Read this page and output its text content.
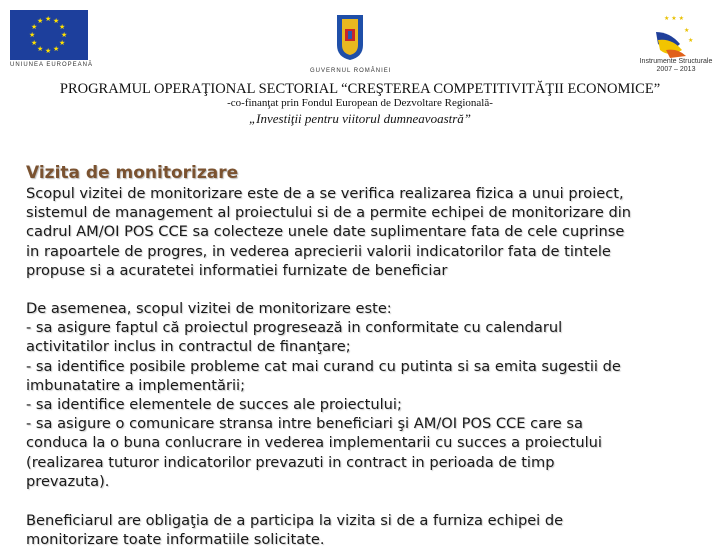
★ ★
★
★
★
★
★
★
★
★
★
★
UNIUNEA EUROPEANĂ
GUVERNUL ROMÂNIEI
★ ★ ★
★
★
Instrumente Structurale
2007 – 2013
PROGRAMUL OPERAŢIONAL SECTORIAL “CREŞTEREA COMPETITIVITĂŢII ECONOMICE”
-co-finanţat prin Fondul European de Dezvoltare Regională-
„Investiţii pentru viitorul dumneavoastră”
Vizita de monitorizare
Scopul vizitei de monitorizare este de a se verifica realizarea fizica a unui proiect,
sistemul de management al proiectului si de a permite echipei de monitorizare din
cadrul AM/OI POS CCE sa colecteze unele date suplimentare fata de cele cuprinse
in rapoartele de progres, in vederea aprecierii valorii indicatorilor fata de tintele
propuse si a acuratetei informatiei furnizate de beneficiar
De asemenea, scopul vizitei de monitorizare este:
- sa asigure faptul că proiectul progresează in conformitate cu calendarul
activitatilor inclus in contractul de finanţare;
- sa identifice posibile probleme cat mai curand cu putinta si sa emita sugestii de
imbunatatire a implementării;
- sa identifice elementele de succes ale proiectului;
- sa asigure o comunicare stransa intre beneficiari şi AM/OI POS CCE care sa
conduca la o buna conlucrare in vederea implementarii cu succes a proiectului
(realizarea tuturor indicatorilor prevazuti in contract in perioada de timp
prevazuta).
Beneficiarul are obligaţia de a participa la vizita si de a furniza echipei de
monitorizare toate informatiile solicitate.
